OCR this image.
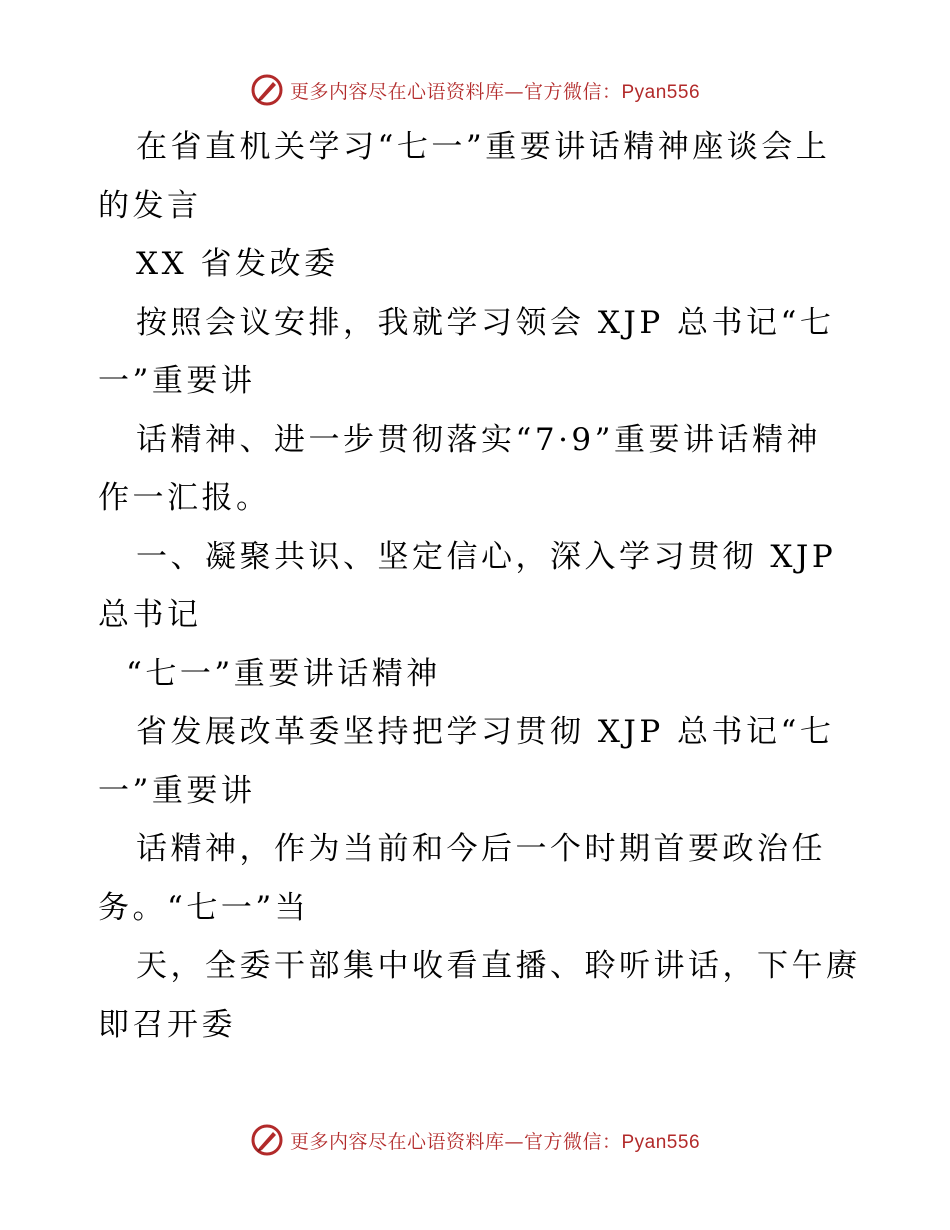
更多内容尽在心语资料库—官方微信：Pyan556
在省直机关学习“七一”重要讲话精神座谈会上
的发言
XX 省发改委
按照会议安排，我就学习领会 XJP 总书记“七
一”重要讲
话精神、进一步贯彻落实“7·9”重要讲话精神
作一汇报。
一、凝聚共识、坚定信心，深入学习贯彻 XJP
总书记
“七一”重要讲话精神
省发展改革委坚持把学习贯彻 XJP 总书记“七
一”重要讲
话精神，作为当前和今后一个时期首要政治任
务。“七一”当
天，全委干部集中收看直播、聆听讲话，下午赓
即召开委
更多内容尽在心语资料库—官方微信：Pyan556
